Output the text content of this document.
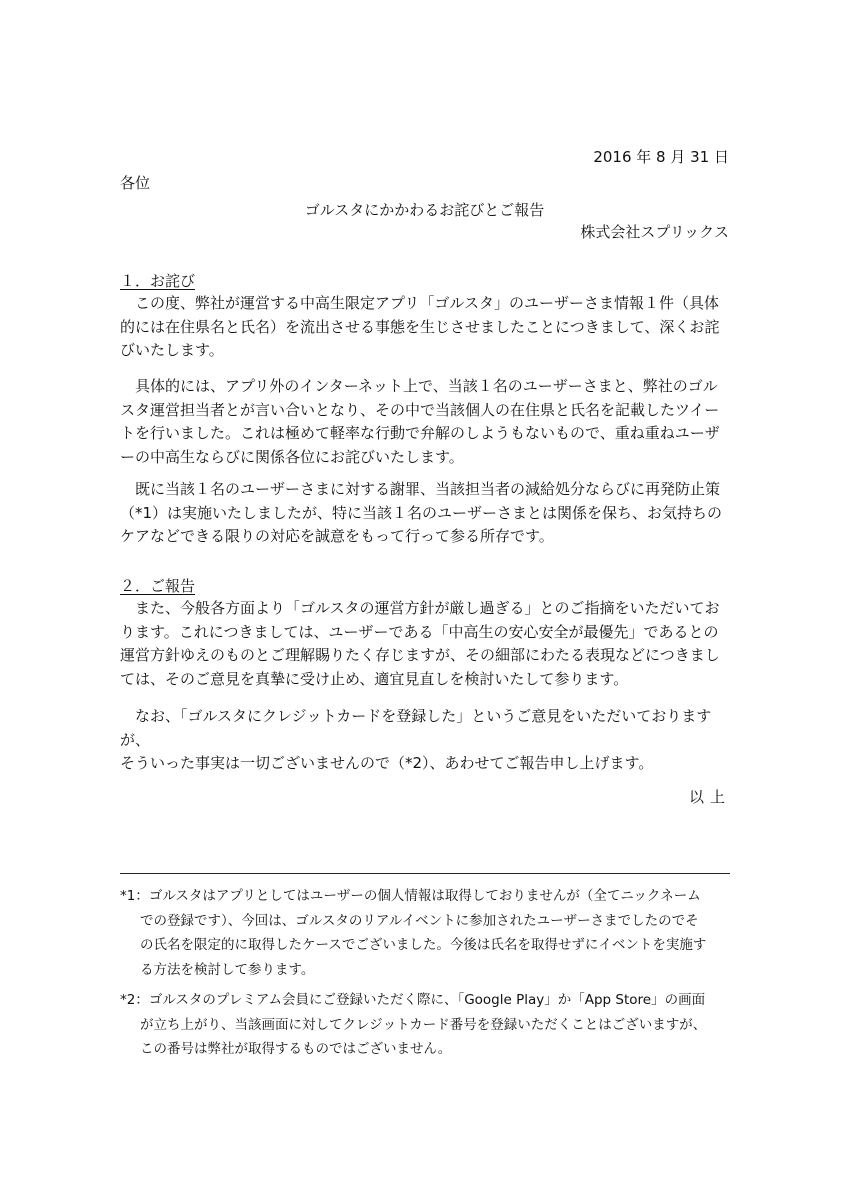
2016 年 8 月 31 日
各位
ゴルスタにかかわるお詫びとご報告
株式会社スプリックス
１．お詫び

この度、弊社が運営する中高生限定アプリ「ゴルスタ」のユーザーさま情報１件（具体
的には在住県名と氏名）を流出させる事態を生じさせましたことにつきまして、深くお詫
びいたします。

具体的には、アプリ外のインターネット上で、当該１名のユーザーさまと、弊社のゴル
スタ運営担当者とが言い合いとなり、その中で当該個人の在住県と氏名を記載したツイー
トを行いました。これは極めて軽率な行動で弁解のしようもないもので、重ね重ねユーザ
ーの中高生ならびに関係各位にお詫びいたします。

既に当該１名のユーザーさまに対する謝罪、当該担当者の減給処分ならびに再発防止策
（*1）は実施いたしましたが、特に当該１名のユーザーさまとは関係を保ち、お気持ちの
ケアなどできる限りの対応を誠意をもって行って参る所存です。

２．ご報告

また、今般各方面より「ゴルスタの運営方針が厳し過ぎる」とのご指摘をいただいてお
ります。これにつきましては、ユーザーである「中高生の安心安全が最優先」であるとの
運営方針ゆえのものとご理解賜りたく存じますが、その細部にわたる表現などにつきまし
ては、そのご意見を真摯に受け止め、適宜見直しを検討いたして参ります。

なお、「ゴルスタにクレジットカードを登録した」というご意見をいただいておりますが、
そういった事実は一切ございませんので（*2）、あわせてご報告申し上げます。

以上

*1：ゴルスタはアプリとしてはユーザーの個人情報は取得しておりませんが（全てニックネーム
での登録です）、今回は、ゴルスタのリアルイベントに参加されたユーザーさまでしたのでそ
の氏名を限定的に取得したケースでございました。今後は氏名を取得せずにイベントを実施す
る方法を検討して参ります。

*2：ゴルスタのプレミアム会員にご登録いただく際に、「Google Play」か「App Store」の画面
が立ち上がり、当該画面に対してクレジットカード番号を登録いただくことはございますが、
この番号は弊社が取得するものではございません。
